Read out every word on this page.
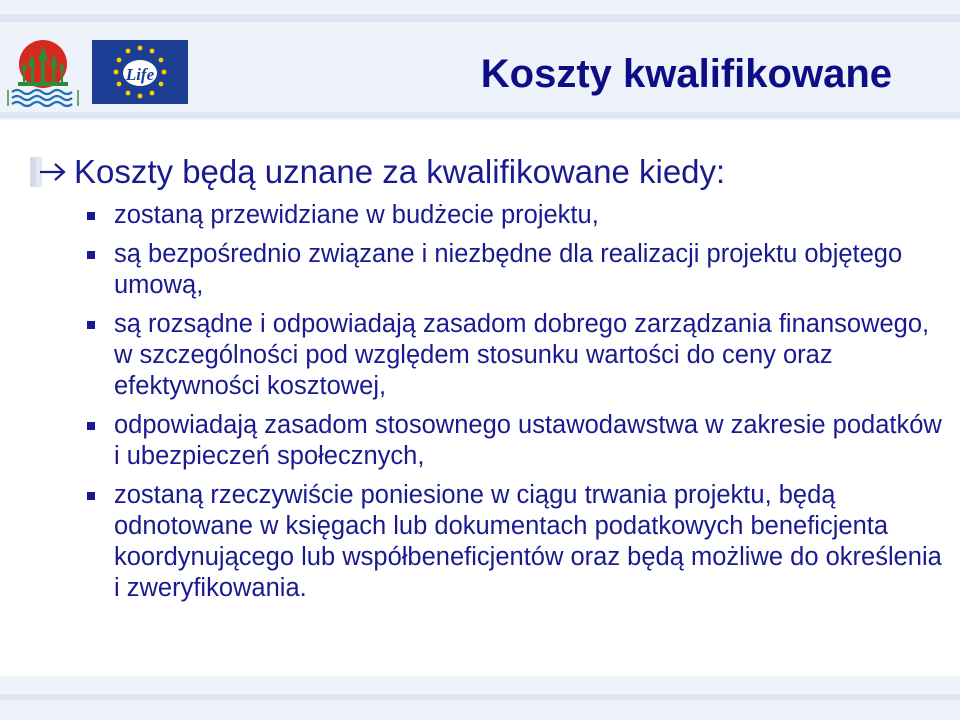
Life	Koszty kwalifikowane
Koszty będą uznane za kwalifikowane kiedy:
zostaną przewidziane w budżecie projektu,
są bezpośrednio związane i niezbędne dla realizacji projektu objętego umową,
są rozsądne i odpowiadają zasadom dobrego zarządzania finansowego, w szczególności pod względem stosunku wartości do ceny oraz efektywności kosztowej,
odpowiadają zasadom stosownego ustawodawstwa w zakresie podatków i ubezpieczeń społecznych,
zostaną rzeczywiście poniesione w ciągu trwania projektu, będą odnotowane w księgach lub dokumentach podatkowych beneficjenta koordynującego lub współbeneficjentów oraz będą możliwe do określenia i zweryfikowania.
